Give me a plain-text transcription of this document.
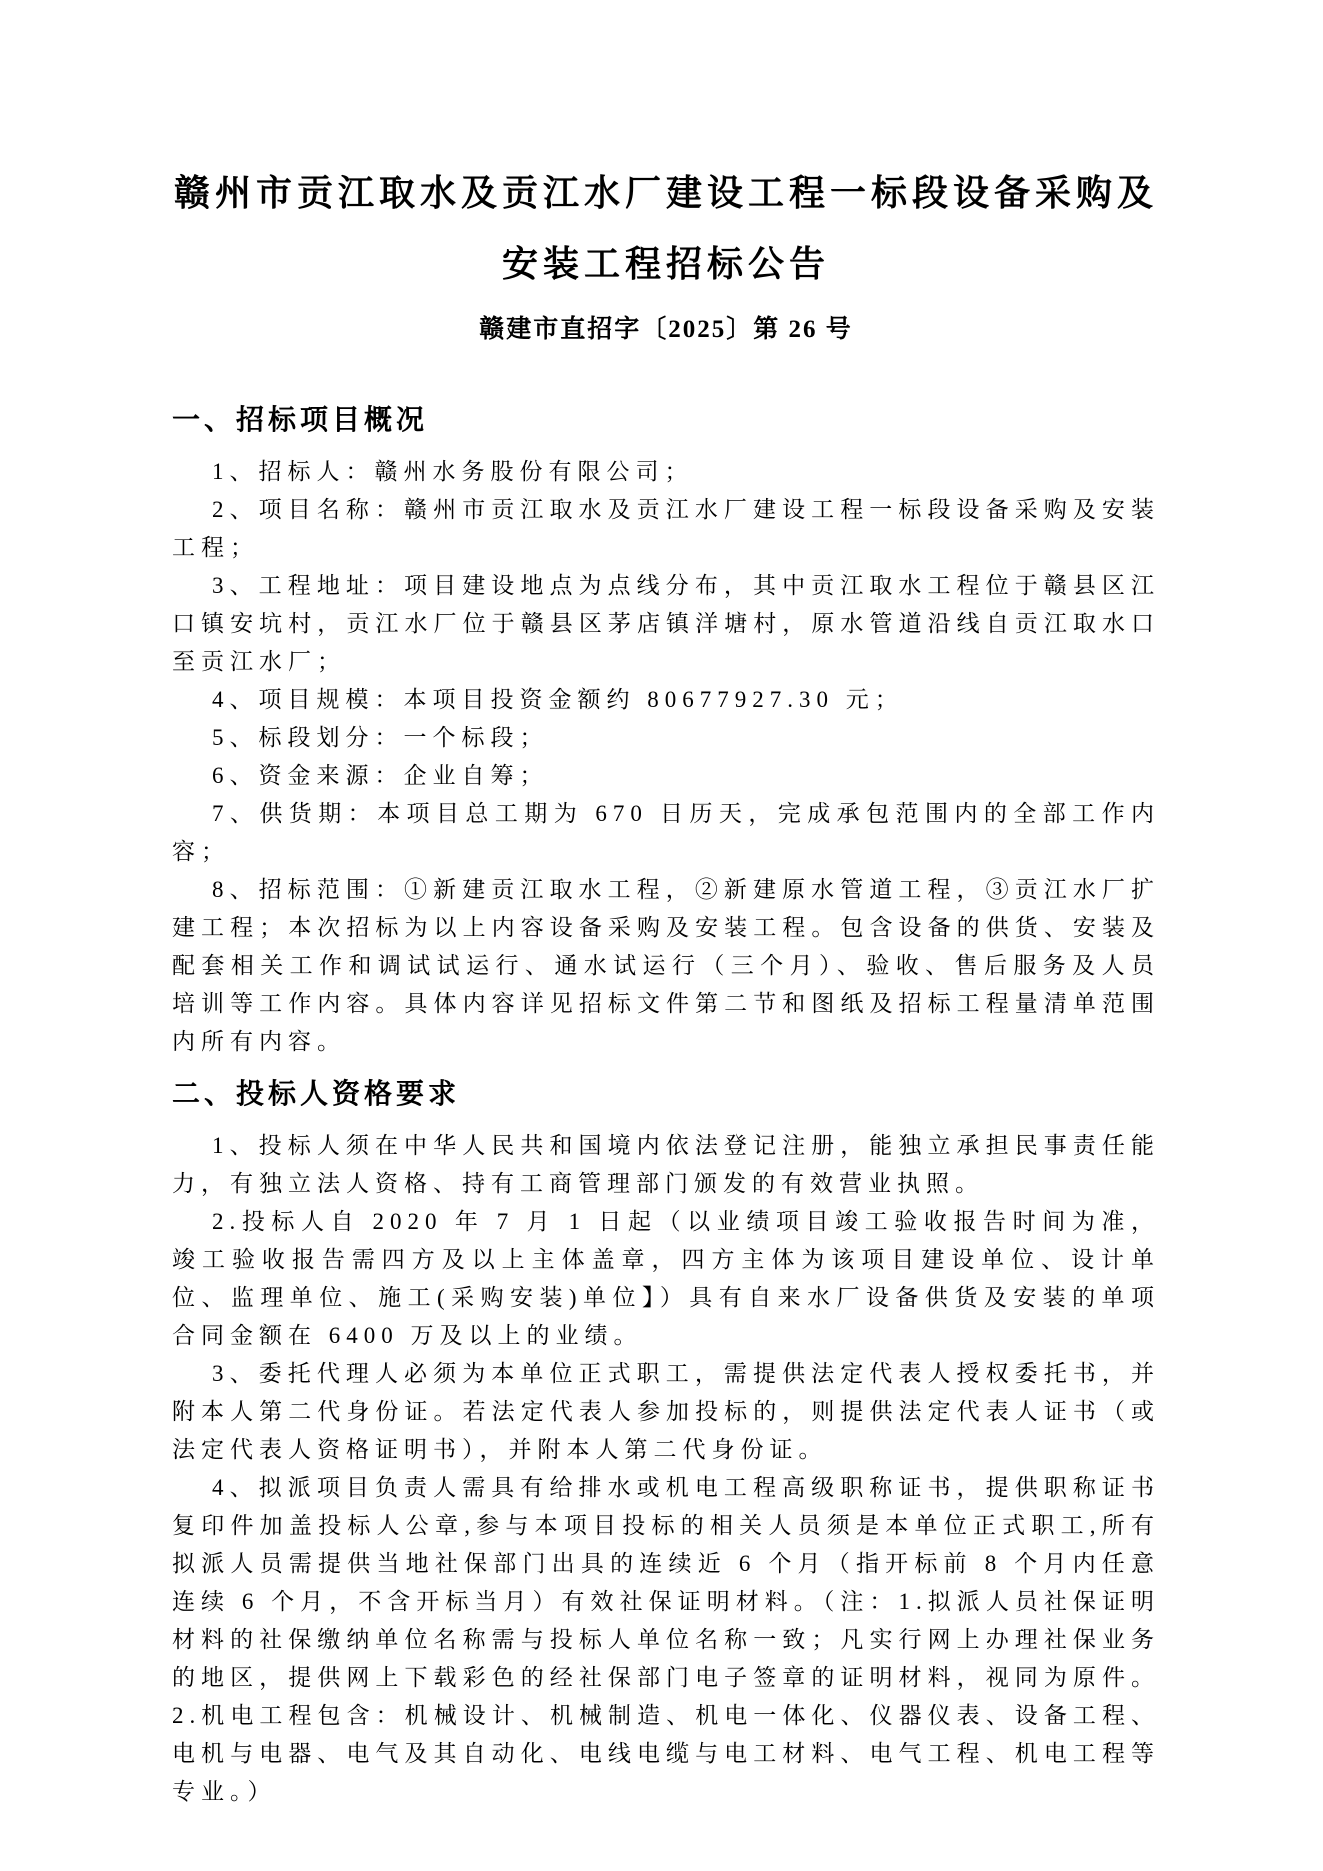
赣州市贡江取水及贡江水厂建设工程一标段设备采购及
安装工程招标公告
赣建市直招字〔2025〕第 26 号
一、招标项目概况

1、招标人：赣州水务股份有限公司；

2、项目名称：赣州市贡江取水及贡江水厂建设工程一标段设备采购及安装工程；

3、工程地址：项目建设地点为点线分布，其中贡江取水工程位于赣县区江口镇安坑村，贡江水厂位于赣县区茅店镇洋塘村，原水管道沿线自贡江取水口至贡江水厂；

4、项目规模：本项目投资金额约 80677927.30 元；

5、标段划分：一个标段；

6、资金来源：企业自筹；

7、供货期：本项目总工期为 670 日历天，完成承包范围内的全部工作内容；

8、招标范围：①新建贡江取水工程，②新建原水管道工程，③贡江水厂扩建工程；本次招标为以上内容设备采购及安装工程。包含设备的供货、安装及配套相关工作和调试试运行、通水试运行（三个月）、验收、售后服务及人员培训等工作内容。具体内容详见招标文件第二节和图纸及招标工程量清单范围内所有内容。

二、投标人资格要求

1、投标人须在中华人民共和国境内依法登记注册，能独立承担民事责任能力，有独立法人资格、持有工商管理部门颁发的有效营业执照。

2.投标人自 2020 年 7 月 1 日起（以业绩项目竣工验收报告时间为准，竣工验收报告需四方及以上主体盖章，四方主体为该项目建设单位、设计单位、监理单位、施工(采购安装)单位】）具有自来水厂设备供货及安装的单项合同金额在 6400 万及以上的业绩。

3、委托代理人必须为本单位正式职工，需提供法定代表人授权委托书，并附本人第二代身份证。若法定代表人参加投标的，则提供法定代表人证书（或法定代表人资格证明书），并附本人第二代身份证。

4、拟派项目负责人需具有给排水或机电工程高级职称证书，提供职称证书复印件加盖投标人公章,参与本项目投标的相关人员须是本单位正式职工,所有拟派人员需提供当地社保部门出具的连续近 6 个月（指开标前 8 个月内任意连续 6 个月，不含开标当月）有效社保证明材料。（注：1.拟派人员社保证明材料的社保缴纳单位名称需与投标人单位名称一致；凡实行网上办理社保业务的地区，提供网上下载彩色的经社保部门电子签章的证明材料，视同为原件。2.机电工程包含：机械设计、机械制造、机电一体化、仪器仪表、设备工程、电机与电器、电气及其自动化、电线电缆与电工材料、电气工程、机电工程等专业。）
